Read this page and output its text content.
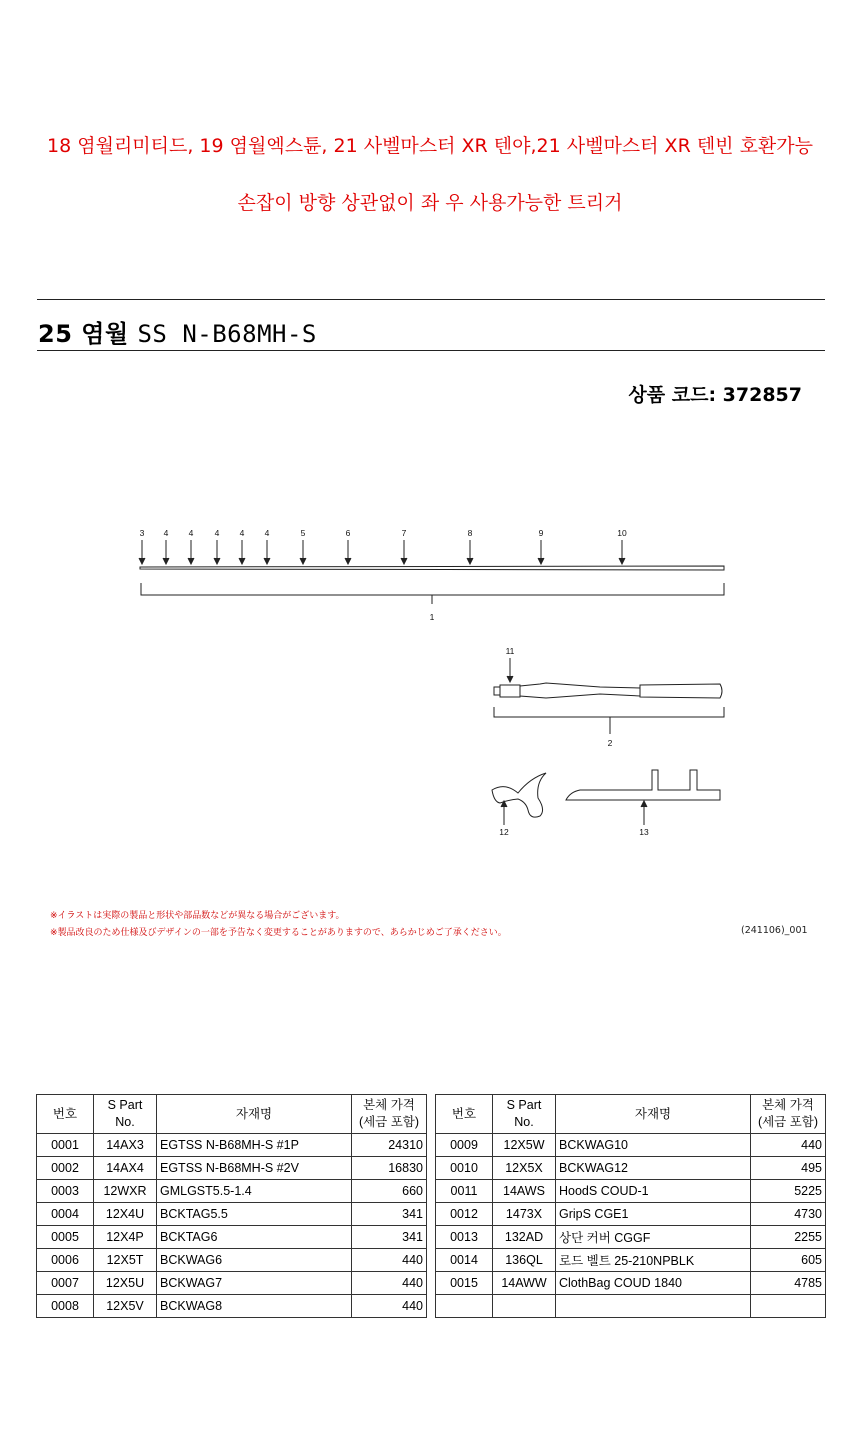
18 염월리미티드, 19 염월엑스튠, 21 사벨마스터 XR 텐야,21 사벨마스터 XR 텐빈 호환가능
손잡이 방향 상관없이 좌 우 사용가능한 트리거
25 염월 SS N-B68MH-S
상품 코드: 372857
3 4 4	4 4 4	5	6	7	8	9	10
1
11
2
12	13
※イラストは実際の製品と形状や部品数などが異なる場合がございます。
※製品改良のため仕様及びデザインの一部を予告なく変更することがありますので、あらかじめご了承ください。	(241106)_001
번호	S Part
No.	자재명	본체 가격
(세금 포함)
0001	14AX3	EGTSS N-B68MH-S #1P	24310
0002	14AX4	EGTSS N-B68MH-S #2V	16830
0003	12WXR	GMLGST5.5-1.4	660
0004	12X4U	BCKTAG5.5	341
0005	12X4P	BCKTAG6	341
0006	12X5T	BCKWAG6	440
0007	12X5U	BCKWAG7	440
0008	12X5V	BCKWAG8	440
번호	S Part
No.	자재명	본체 가격
(세금 포함)
0009	12X5W	BCKWAG10	440
0010	12X5X	BCKWAG12	495
0011	14AWS	HoodS COUD-1	5225
0012	1473X	GripS CGE1	4730
0013	132AD	상단 커버 CGGF	2255
0014	136QL	로드 벨트 25-210NPBLK	605
0015	14AWW	ClothBag COUD 1840	4785
